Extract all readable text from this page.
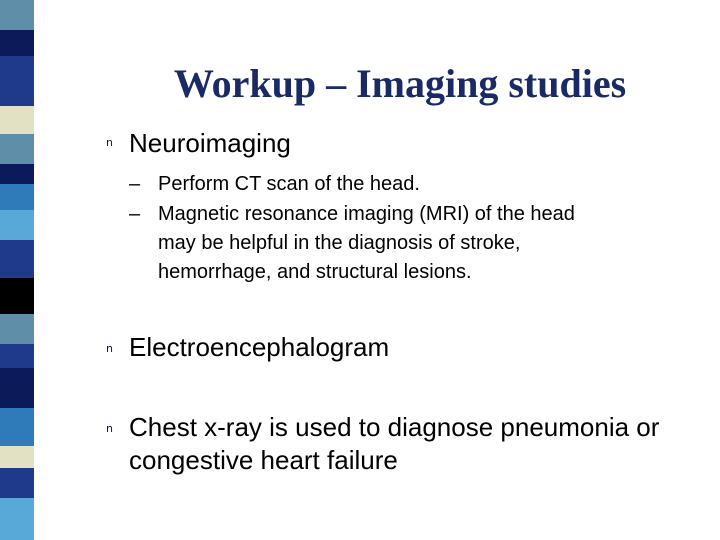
Workup – Imaging studies
n Neuroimaging
– Perform CT scan of the head.
– Magnetic resonance imaging (MRI) of the head
may be helpful in the diagnosis of stroke,
hemorrhage, and structural lesions.
n Electroencephalogram
n Chest x-ray is used to diagnose pneumonia or
congestive heart failure
